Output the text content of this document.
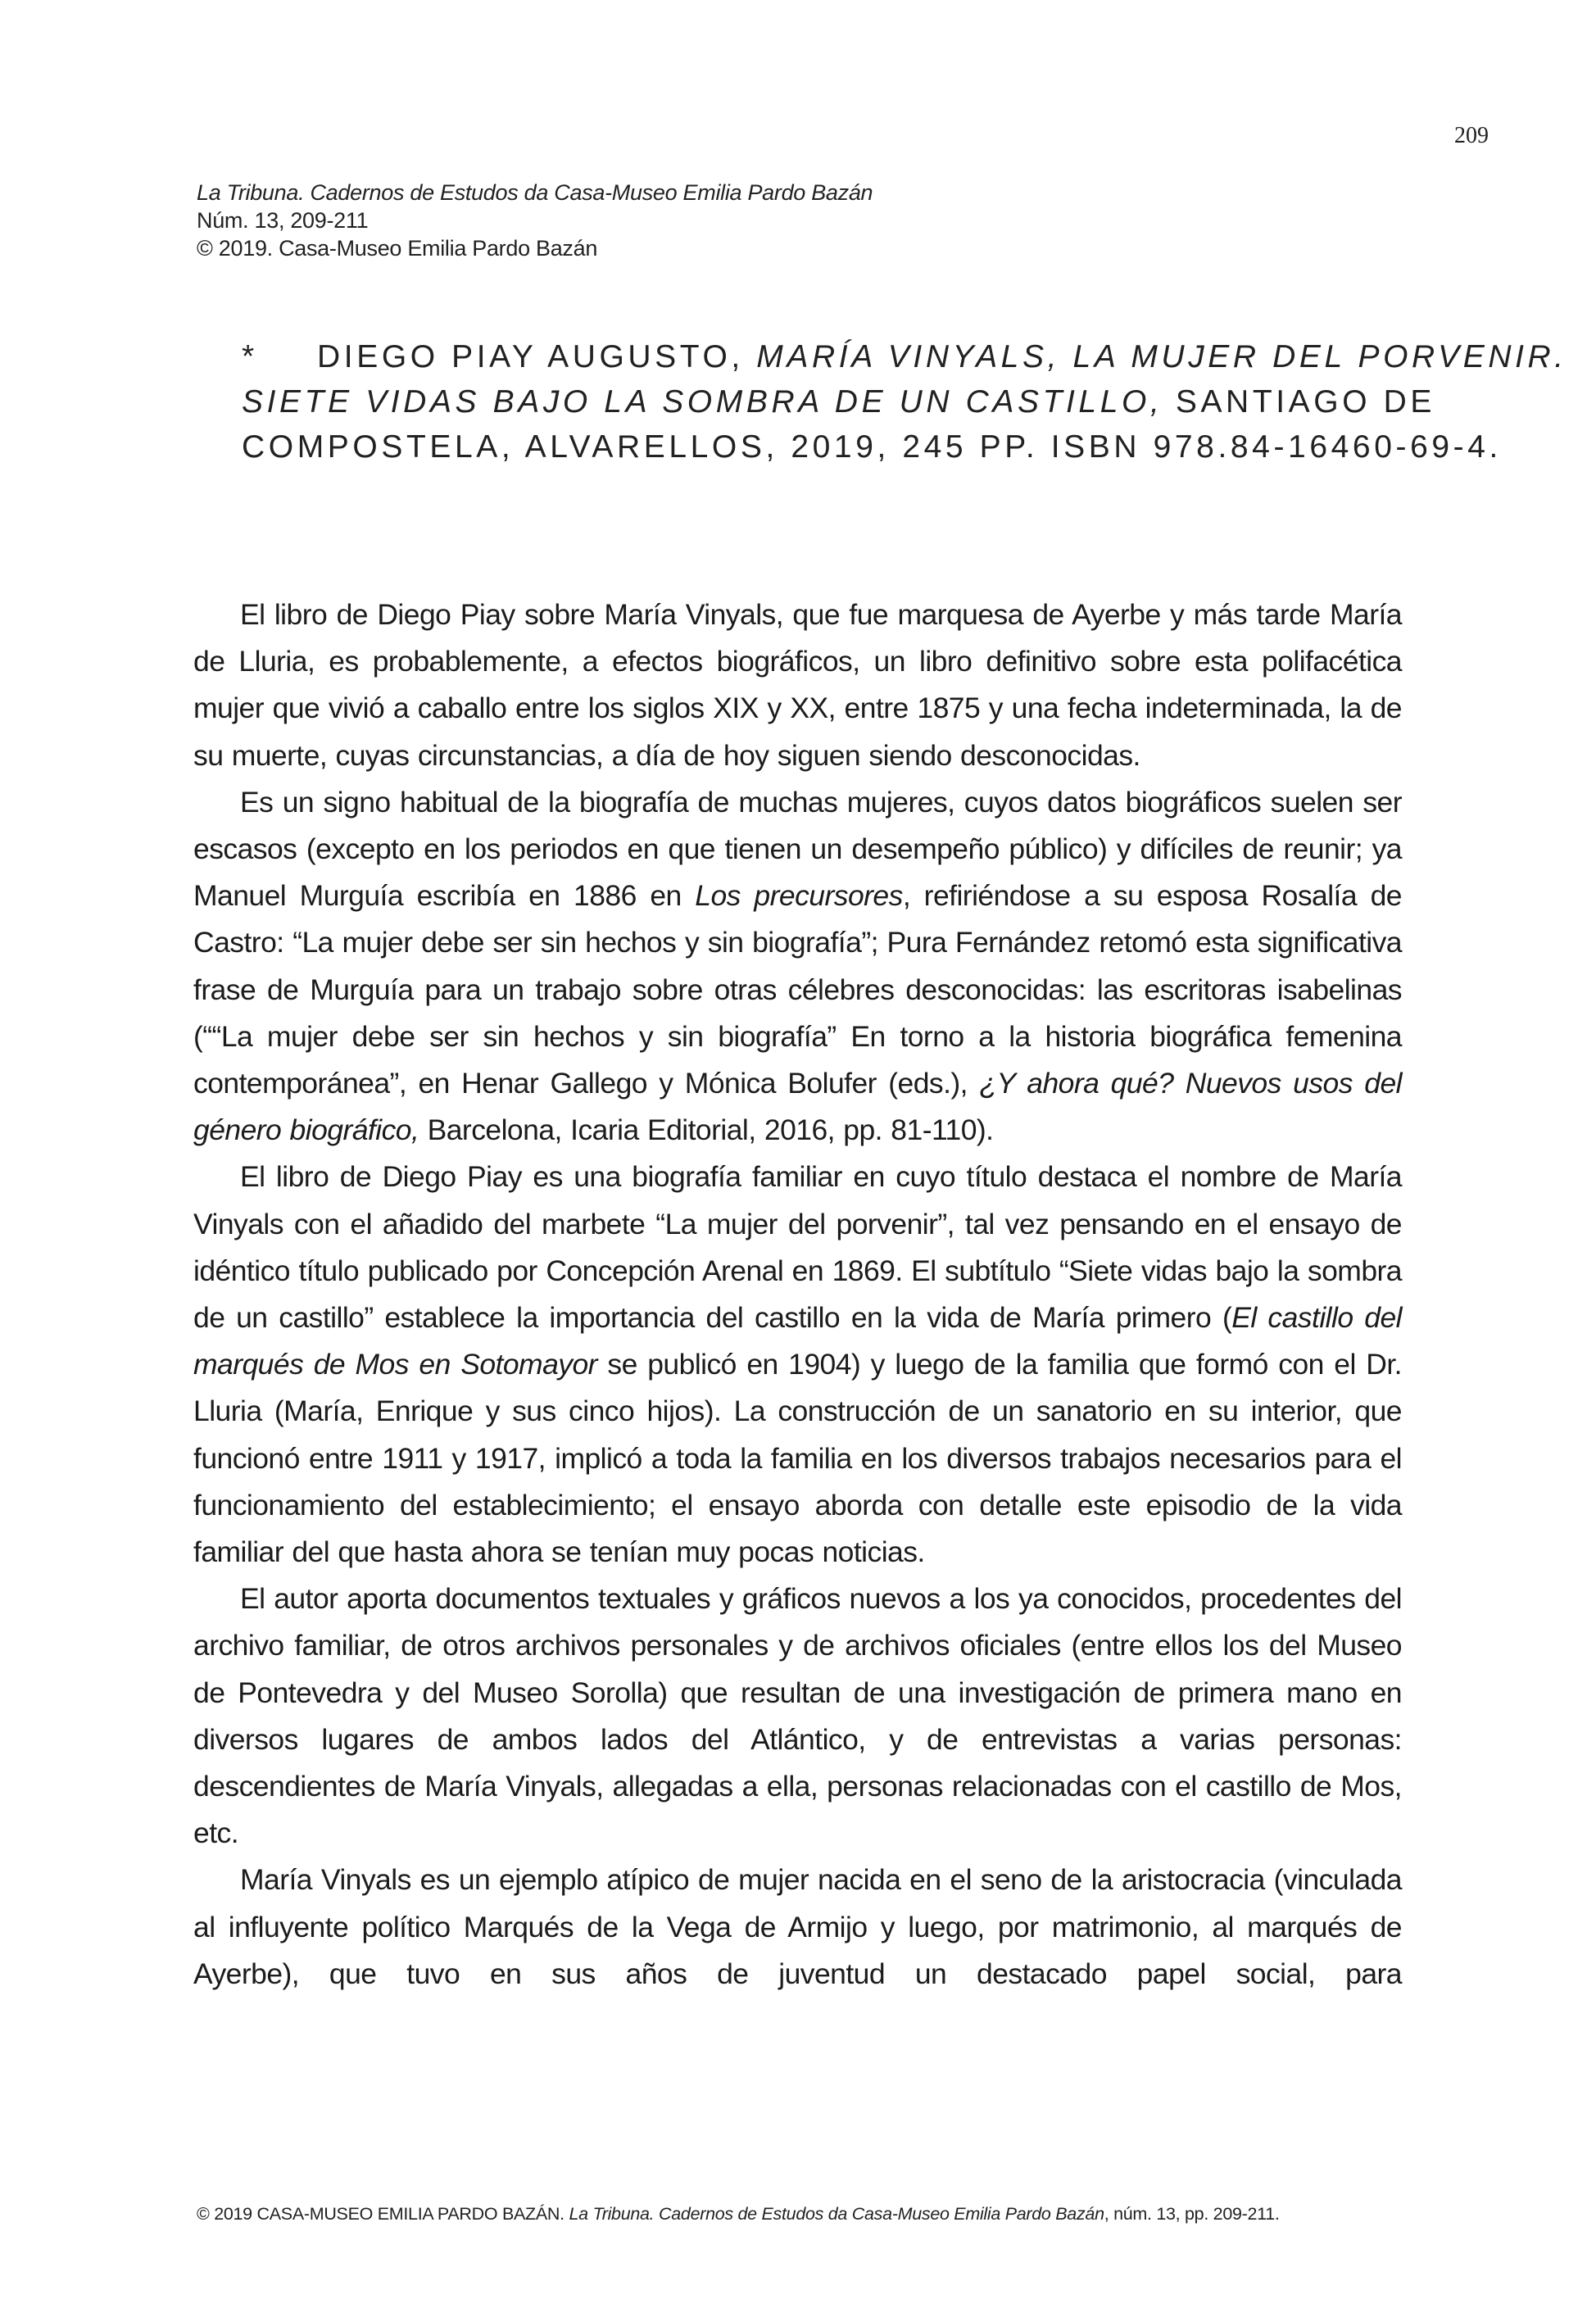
209
La Tribuna. Cadernos de Estudos da Casa-Museo Emilia Pardo Bazán
Núm. 13, 209-211
© 2019. Casa-Museo Emilia Pardo Bazán
* DIEGO PIAY AUGUSTO, MARÍA VINYALS, LA MUJER DEL PORVENIR.
SIETE VIDAS BAJO LA SOMBRA DE UN CASTILLO, SANTIAGO DE
COMPOSTELA, ALVARELLOS, 2019, 245 PP. ISBN 978.84-16460-69-4.

El libro de Diego Piay sobre María Vinyals, que fue marquesa de Ayerbe y más tarde María de Lluria, es probablemente, a efectos biográficos, un libro definitivo sobre esta polifacética mujer que vivió a caballo entre los siglos XIX y XX, entre 1875 y una fecha indeterminada, la de su muerte, cuyas circunstancias, a día de hoy siguen siendo desconocidas.

Es un signo habitual de la biografía de muchas mujeres, cuyos datos biográficos suelen ser escasos (excepto en los periodos en que tienen un desempeño público) y difíciles de reunir; ya Manuel Murguía escribía en 1886 en Los precursores, refiriéndose a su esposa Rosalía de Castro: “La mujer debe ser sin hechos y sin biografía”; Pura Fernández retomó esta significativa frase de Murguía para un trabajo sobre otras célebres desconocidas: las escritoras isabelinas (““La mujer debe ser sin hechos y sin biografía” En torno a la historia biográfica femenina contemporánea”, en Henar Gallego y Mónica Bolufer (eds.), ¿Y ahora qué? Nuevos usos del género biográfico, Barcelona, Icaria Editorial, 2016, pp. 81-110).

El libro de Diego Piay es una biografía familiar en cuyo título destaca el nombre de María Vinyals con el añadido del marbete “La mujer del porvenir”, tal vez pensando en el ensayo de idéntico título publicado por Concepción Arenal en 1869. El subtítulo “Siete vidas bajo la sombra de un castillo” establece la importancia del castillo en la vida de María primero (El castillo del marqués de Mos en Sotomayor se publicó en 1904) y luego de la familia que formó con el Dr. Lluria (María, Enrique y sus cinco hijos). La construcción de un sanatorio en su interior, que funcionó entre 1911 y 1917, implicó a toda la familia en los diversos trabajos necesarios para el funcionamiento del establecimiento; el ensayo aborda con detalle este episodio de la vida familiar del que hasta ahora se tenían muy pocas noticias.

El autor aporta documentos textuales y gráficos nuevos a los ya conocidos, procedentes del archivo familiar, de otros archivos personales y de archivos oficiales (entre ellos los del Museo de Pontevedra y del Museo Sorolla) que resultan de una investigación de primera mano en diversos lugares de ambos lados del Atlántico, y de entrevistas a varias personas: descendientes de María Vinyals, allegadas a ella, personas relacionadas con el castillo de Mos, etc.

María Vinyals es un ejemplo atípico de mujer nacida en el seno de la aristocracia (vinculada al influyente político Marqués de la Vega de Armijo y luego, por matrimonio, al marqués de Ayerbe), que tuvo en sus años de juventud un destacado papel social, para

© 2019 CASA-MUSEO EMILIA PARDO BAZÁN. La Tribuna. Cadernos de Estudos da Casa-Museo Emilia Pardo Bazán, núm. 13, pp. 209-211.
